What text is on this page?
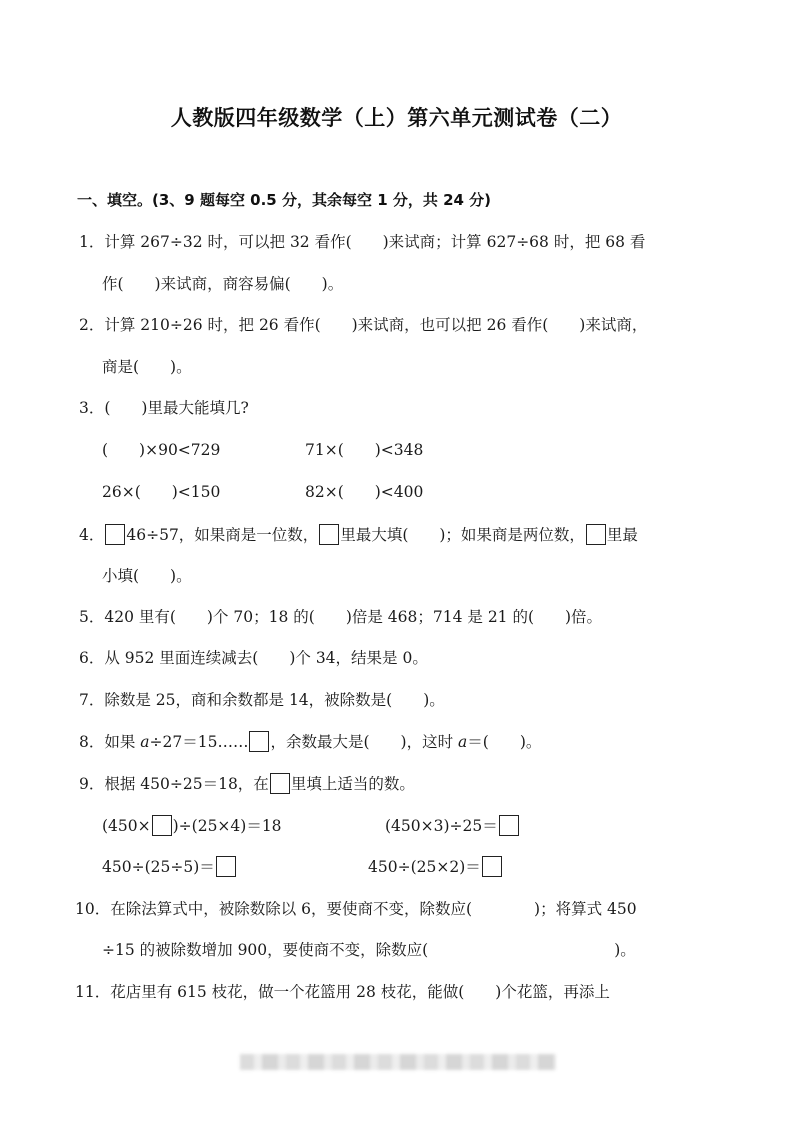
人教版四年级数学（上）第六单元测试卷（二）
一、填空。(3、9 题每空 0.5 分，其余每空 1 分，共 24 分)
1．计算 267÷32 时，可以把 32 看作(　　)来试商；计算 627÷68 时，把 68 看
作(　　)来试商，商容易偏(　　)。
2．计算 210÷26 时，把 26 看作(　　)来试商，也可以把 26 看作(　　)来试商，
商是(　　)。
3．(　　)里最大能填几?
(　　)×90<729	71×(　　)<348
26×(　　)<150	82×(　　)<400
4． 46÷57，如果商是一位数， 里最大填(　　)；如果商是两位数， 里最
小填(　　)。
5．420 里有(　　)个 70；18 的(　　)倍是 468；714 是 21 的(　　)倍。
6．从 952 里面连续减去(　　)个 34，结果是 0。
7．除数是 25，商和余数都是 14，被除数是(　　)。
8．如果 a÷27＝15…… ，余数最大是(　　)，这时 a＝(　　)。
9．根据 450÷25＝18，在 里填上适当的数。
(450× )÷(25×4)＝18	(450×3)÷25＝
450÷(25÷5)＝	450÷(25×2)＝
10．在除法算式中，被除数除以 6，要使商不变，除数应(　　　　)；将算式 450
÷15 的被除数增加 900，要使商不变，除数应(　　　　　　　　　　　　)。
11．花店里有 615 枝花，做一个花篮用 28 枝花，能做(　　)个花篮，再添上
